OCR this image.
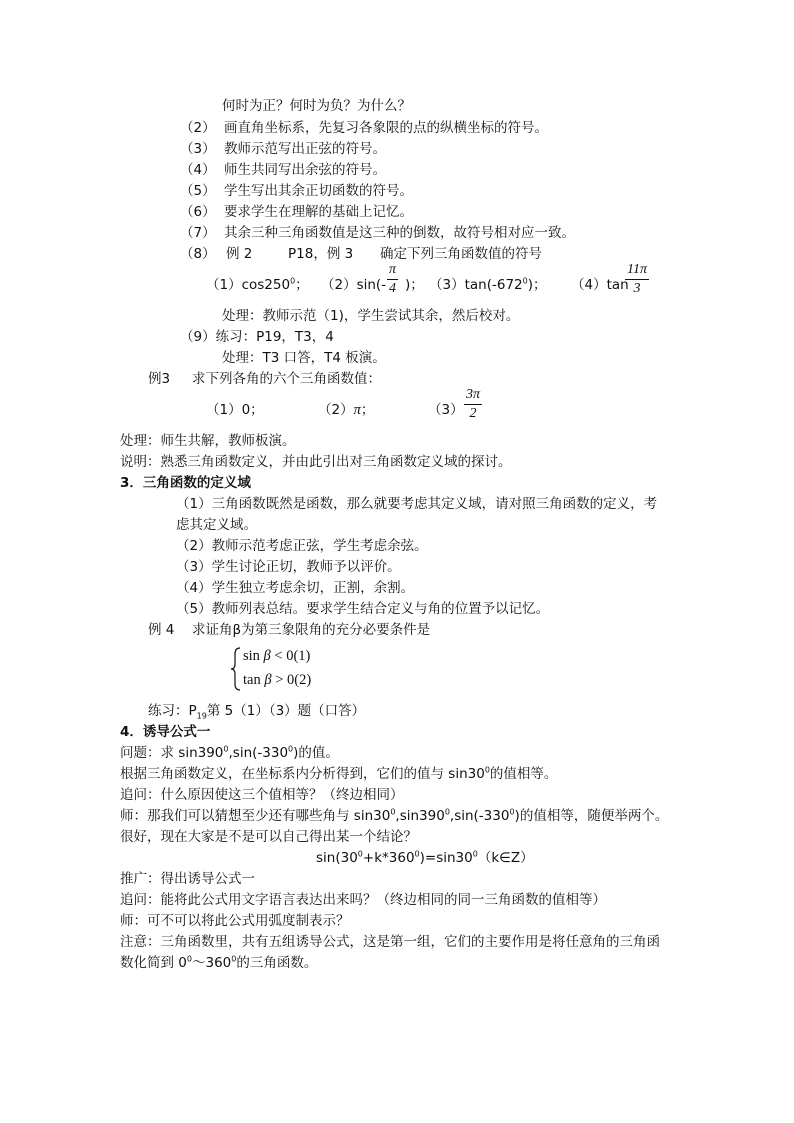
何时为正？何时为负？为什么？
（2） 画直角坐标系，先复习各象限的点的纵横坐标的符号。
（3） 教师示范写出正弦的符号。
（4） 师生共同写出余弦的符号。
（5） 学生写出其余正切函数的符号。
（6） 要求学生在理解的基础上记忆。
（7） 其余三种三角函数值是这三种的倒数，故符号相对应一致。
（8） 例 2	P18，例 3 确定下列三角函数值的符号
$(1)\cos 250^0$； $(2)\sin(- \frac{\pi}{4}$ )； $(3)\tan(-672^0)$； （4）tan
$\frac{11\pi}{3}$
处理：教师示范（1)，学生尝试其余，然后校对。
（9）练习：P19，T3，4
处理：T3 口答，T4 板演。
例3 求下列各角的六个三角函数值：
（1）0；	（2）π；	$(3) \frac{3\pi}{2}$
处理：师生共解，教师板演。
说明：熟悉三角函数定义，并由此引出对三角函数定义域的探讨。
3．三角函数的定义域
（1）三角函数既然是函数，那么就要考虑其定义域，请对照三角函数的定义，考
虑其定义域。
（2）教师示范考虑正弦，学生考虑余弦。
（3）学生讨论正切，教师予以评价。
（4）学生独立考虑余切，正割，余割。
（5）教师列表总结。要求学生结合定义与角的位置予以记忆。
例 4 求证角β为第三象限角的充分必要条件是
sin β < 0(1)
tan β > 0(2)
练习：$P_{19}$第 5（1）（3）题（口答）
4．诱导公式一
问题：求 $\sin 390^0,\sin(-330^0)$的值。
根据三角函数定义，在坐标系内分析得到，它们的值与 $\sin 30^0$的值相等。
追问：什么原因使这三个值相等？（终边相同）
师：那我们可以猜想至少还有哪些角与 $\sin 30^0,\sin 390^0,\sin(-330^0)$的值相等，随便举两个。
很好，现在大家是不是可以自己得出某一个结论？
$\sin(30^0+k*360^0)=\sin 30^0(k\in Z)$
推广：得出诱导公式一
追问：能将此公式用文字语言表达出来吗？（终边相同的同一三角函数的值相等）
师：可不可以将此公式用弧度制表示？
注意：三角函数里，共有五组诱导公式，这是第一组，它们的主要作用是将任意角的三角函
数化简到 $0^0\sim 360^0$的三角函数。
